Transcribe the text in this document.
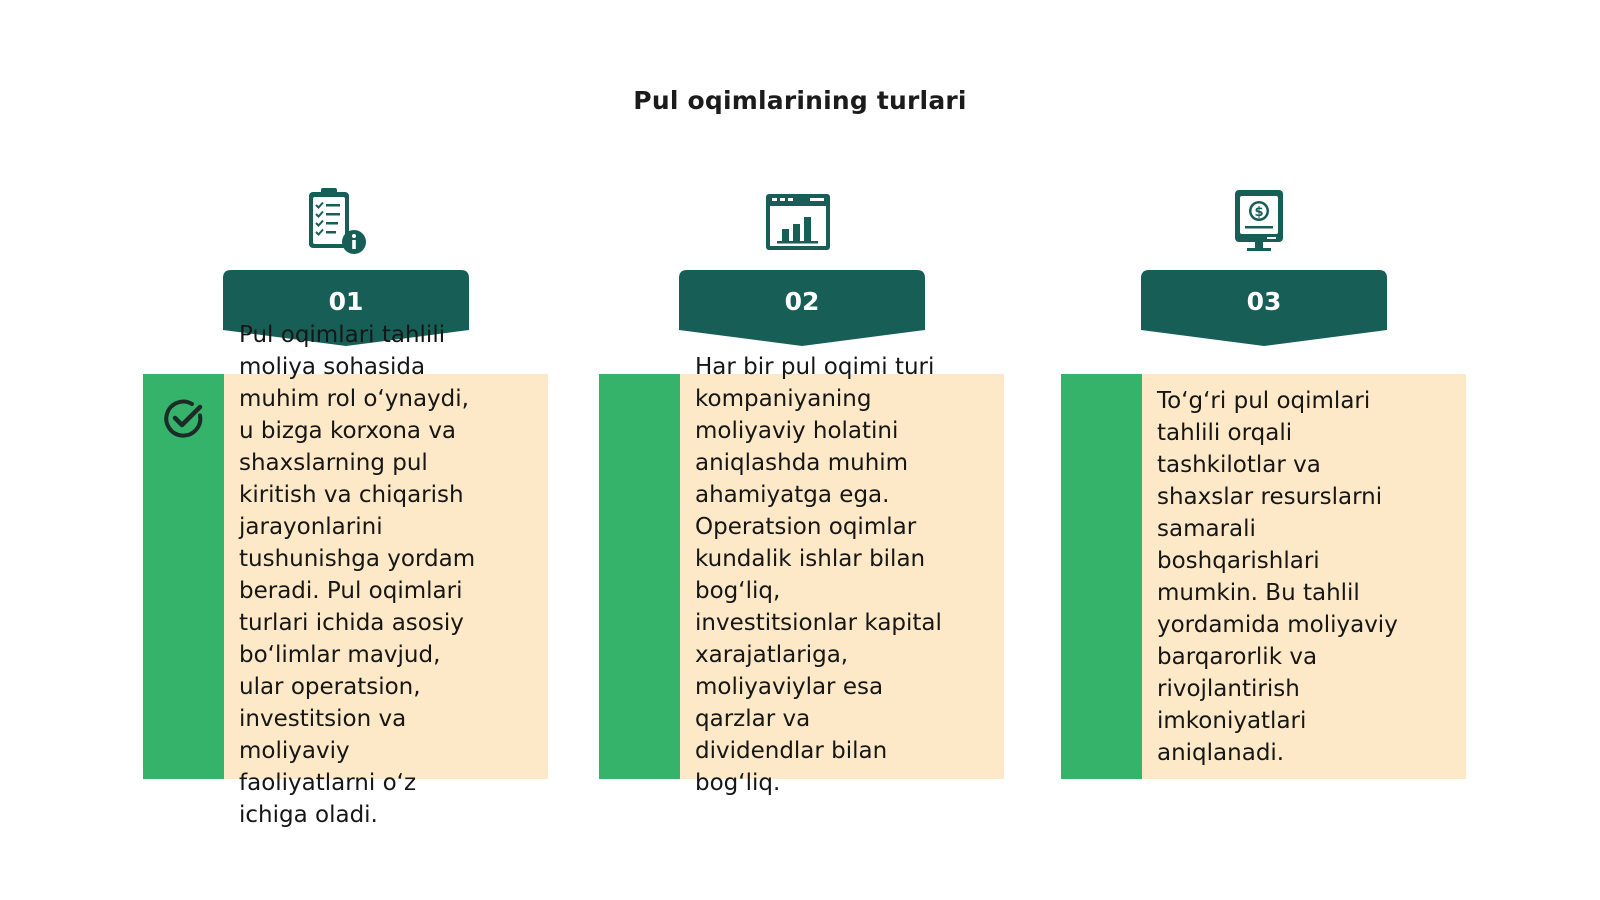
Pul oqimlarining turlari
01
Pul oqimlari tahlili
moliya sohasida
muhim rol o‘ynaydi,
u bizga korxona va
shaxslarning pul
kiritish va chiqarish
jarayonlarini
tushunishga yordam
beradi. Pul oqimlari
turlari ichida asosiy
bo‘limlar mavjud,
ular operatsion,
investitsion va
moliyaviy
faoliyatlarni o‘z
ichiga oladi.
02
Har bir pul oqimi turi
kompaniyaning
moliyaviy holatini
aniqlashda muhim
ahamiyatga ega.
Operatsion oqimlar
kundalik ishlar bilan
bog‘liq,
investitsionlar kapital
xarajatlariga,
moliyaviylar esa
qarzlar va
dividendlar bilan
bog‘liq.
$
03
To‘g‘ri pul oqimlari
tahlili orqali
tashkilotlar va
shaxslar resurslarni
samarali
boshqarishlari
mumkin. Bu tahlil
yordamida moliyaviy
barqarorlik va
rivojlantirish
imkoniyatlari
aniqlanadi.
